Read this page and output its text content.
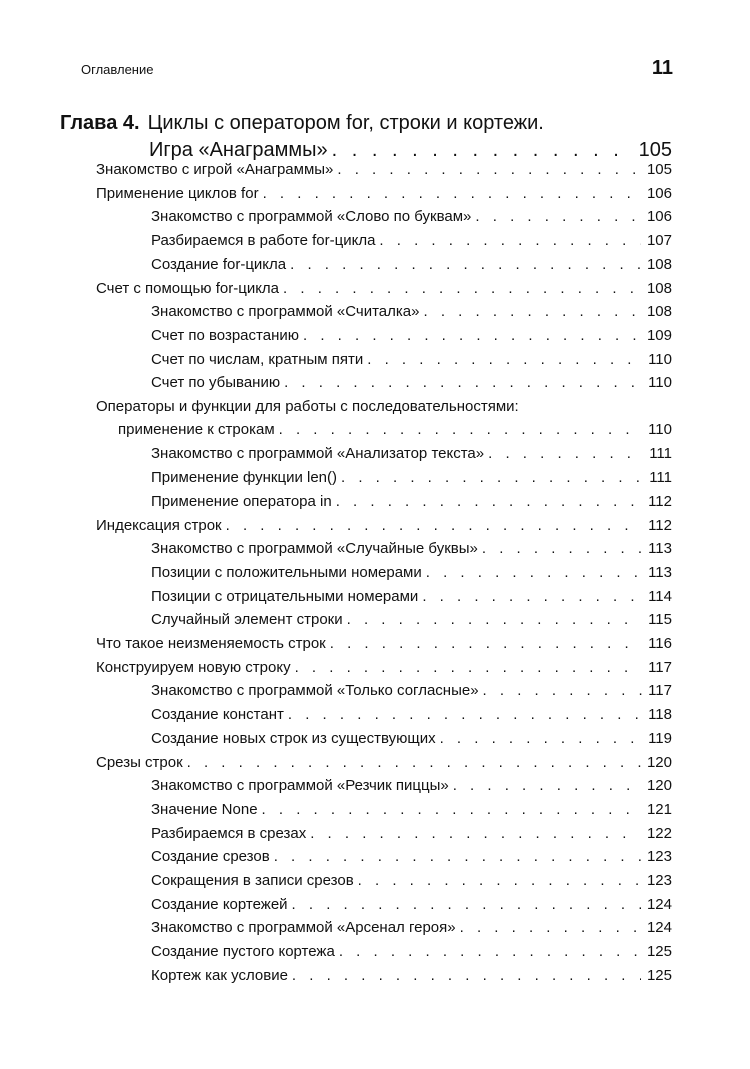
Оглавление	11
Глава 4. Циклы с оператором for, строки и кортежи.
Игра «Анаграммы» . . .	105
Знакомство с игрой «Анаграммы» . . .	105
Применение циклов for . . .	106
Знакомство с программой «Слово по буквам» . . .	106
Разбираемся в работе for-цикла . . .	107
Создание for-цикла . . .	108
Счет с помощью for-цикла . . .	108
Знакомство с программой «Считалка» . . .	108
Счет по возрастанию . . .	109
Счет по числам, кратным пяти . . .	110
Счет по убыванию . . .	110
Операторы и функции для работы с последовательностями:
применение к строкам . . .	110
Знакомство с программой «Анализатор текста» . . .	111
Применение функции len() . . .	111
Применение оператора in . . .	112
Индексация строк . . .	112
Знакомство с программой «Случайные буквы» . . .	113
Позиции с положительными номерами . . .	113
Позиции с отрицательными номерами . . .	114
Случайный элемент строки . . .	115
Что такое неизменяемость строк . . .	116
Конструируем новую строку . . .	117
Знакомство с программой «Только согласные» . . .	117
Создание констант . . .	118
Создание новых строк из существующих . . .	119
Срезы строк . . .	120
Знакомство с программой «Резчик пиццы» . . .	120
Значение None . . .	121
Разбираемся в срезах . . .	122
Создание срезов . . .	123
Сокращения в записи срезов . . .	123
Создание кортежей . . .	124
Знакомство с программой «Арсенал героя» . . .	124
Создание пустого кортежа . . .	125
Кортеж как условие . . .	125
